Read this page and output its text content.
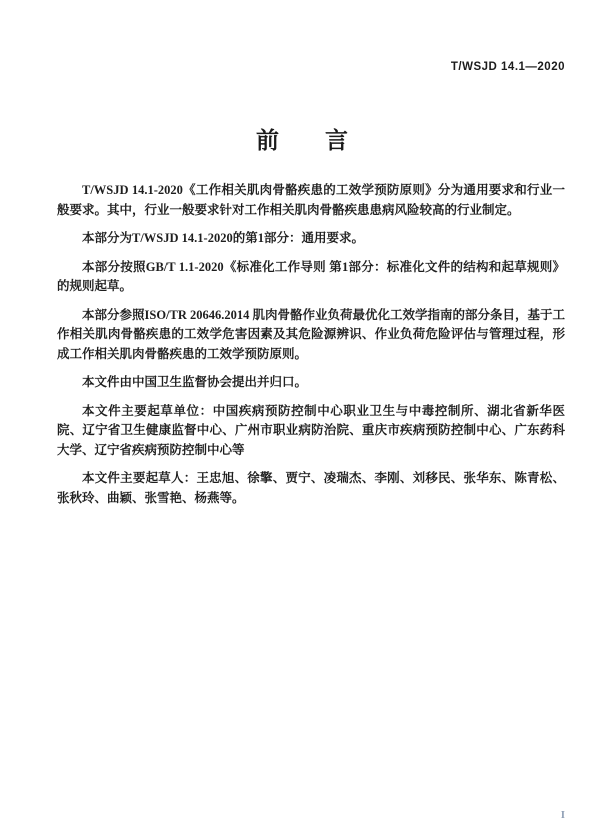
T/WSJD 14.1—2020
前　　言

T/WSJD 14.1-2020《工作相关肌肉骨骼疾患的工效学预防原则》分为通用要求和行业一般要求。其中，行业一般要求针对工作相关肌肉骨骼疾患患病风险较高的行业制定。

本部分为T/WSJD 14.1-2020的第1部分：通用要求。

本部分按照GB/T 1.1-2020《标准化工作导则 第1部分：标准化文件的结构和起草规则》的规则起草。

本部分参照ISO/TR 20646.2014 肌肉骨骼作业负荷最优化工效学指南的部分条目，基于工作相关肌肉骨骼疾患的工效学危害因素及其危险源辨识、作业负荷危险评估与管理过程，形成工作相关肌肉骨骼疾患的工效学预防原则。

本文件由中国卫生监督协会提出并归口。

本文件主要起草单位：中国疾病预防控制中心职业卫生与中毒控制所、湖北省新华医院、辽宁省卫生健康监督中心、广州市职业病防治院、重庆市疾病预防控制中心、广东药科大学、辽宁省疾病预防控制中心等

本文件主要起草人：王忠旭、徐擎、贾宁、凌瑞杰、李刚、刘移民、张华东、陈青松、张秋玲、曲颖、张雪艳、杨燕等。

I
